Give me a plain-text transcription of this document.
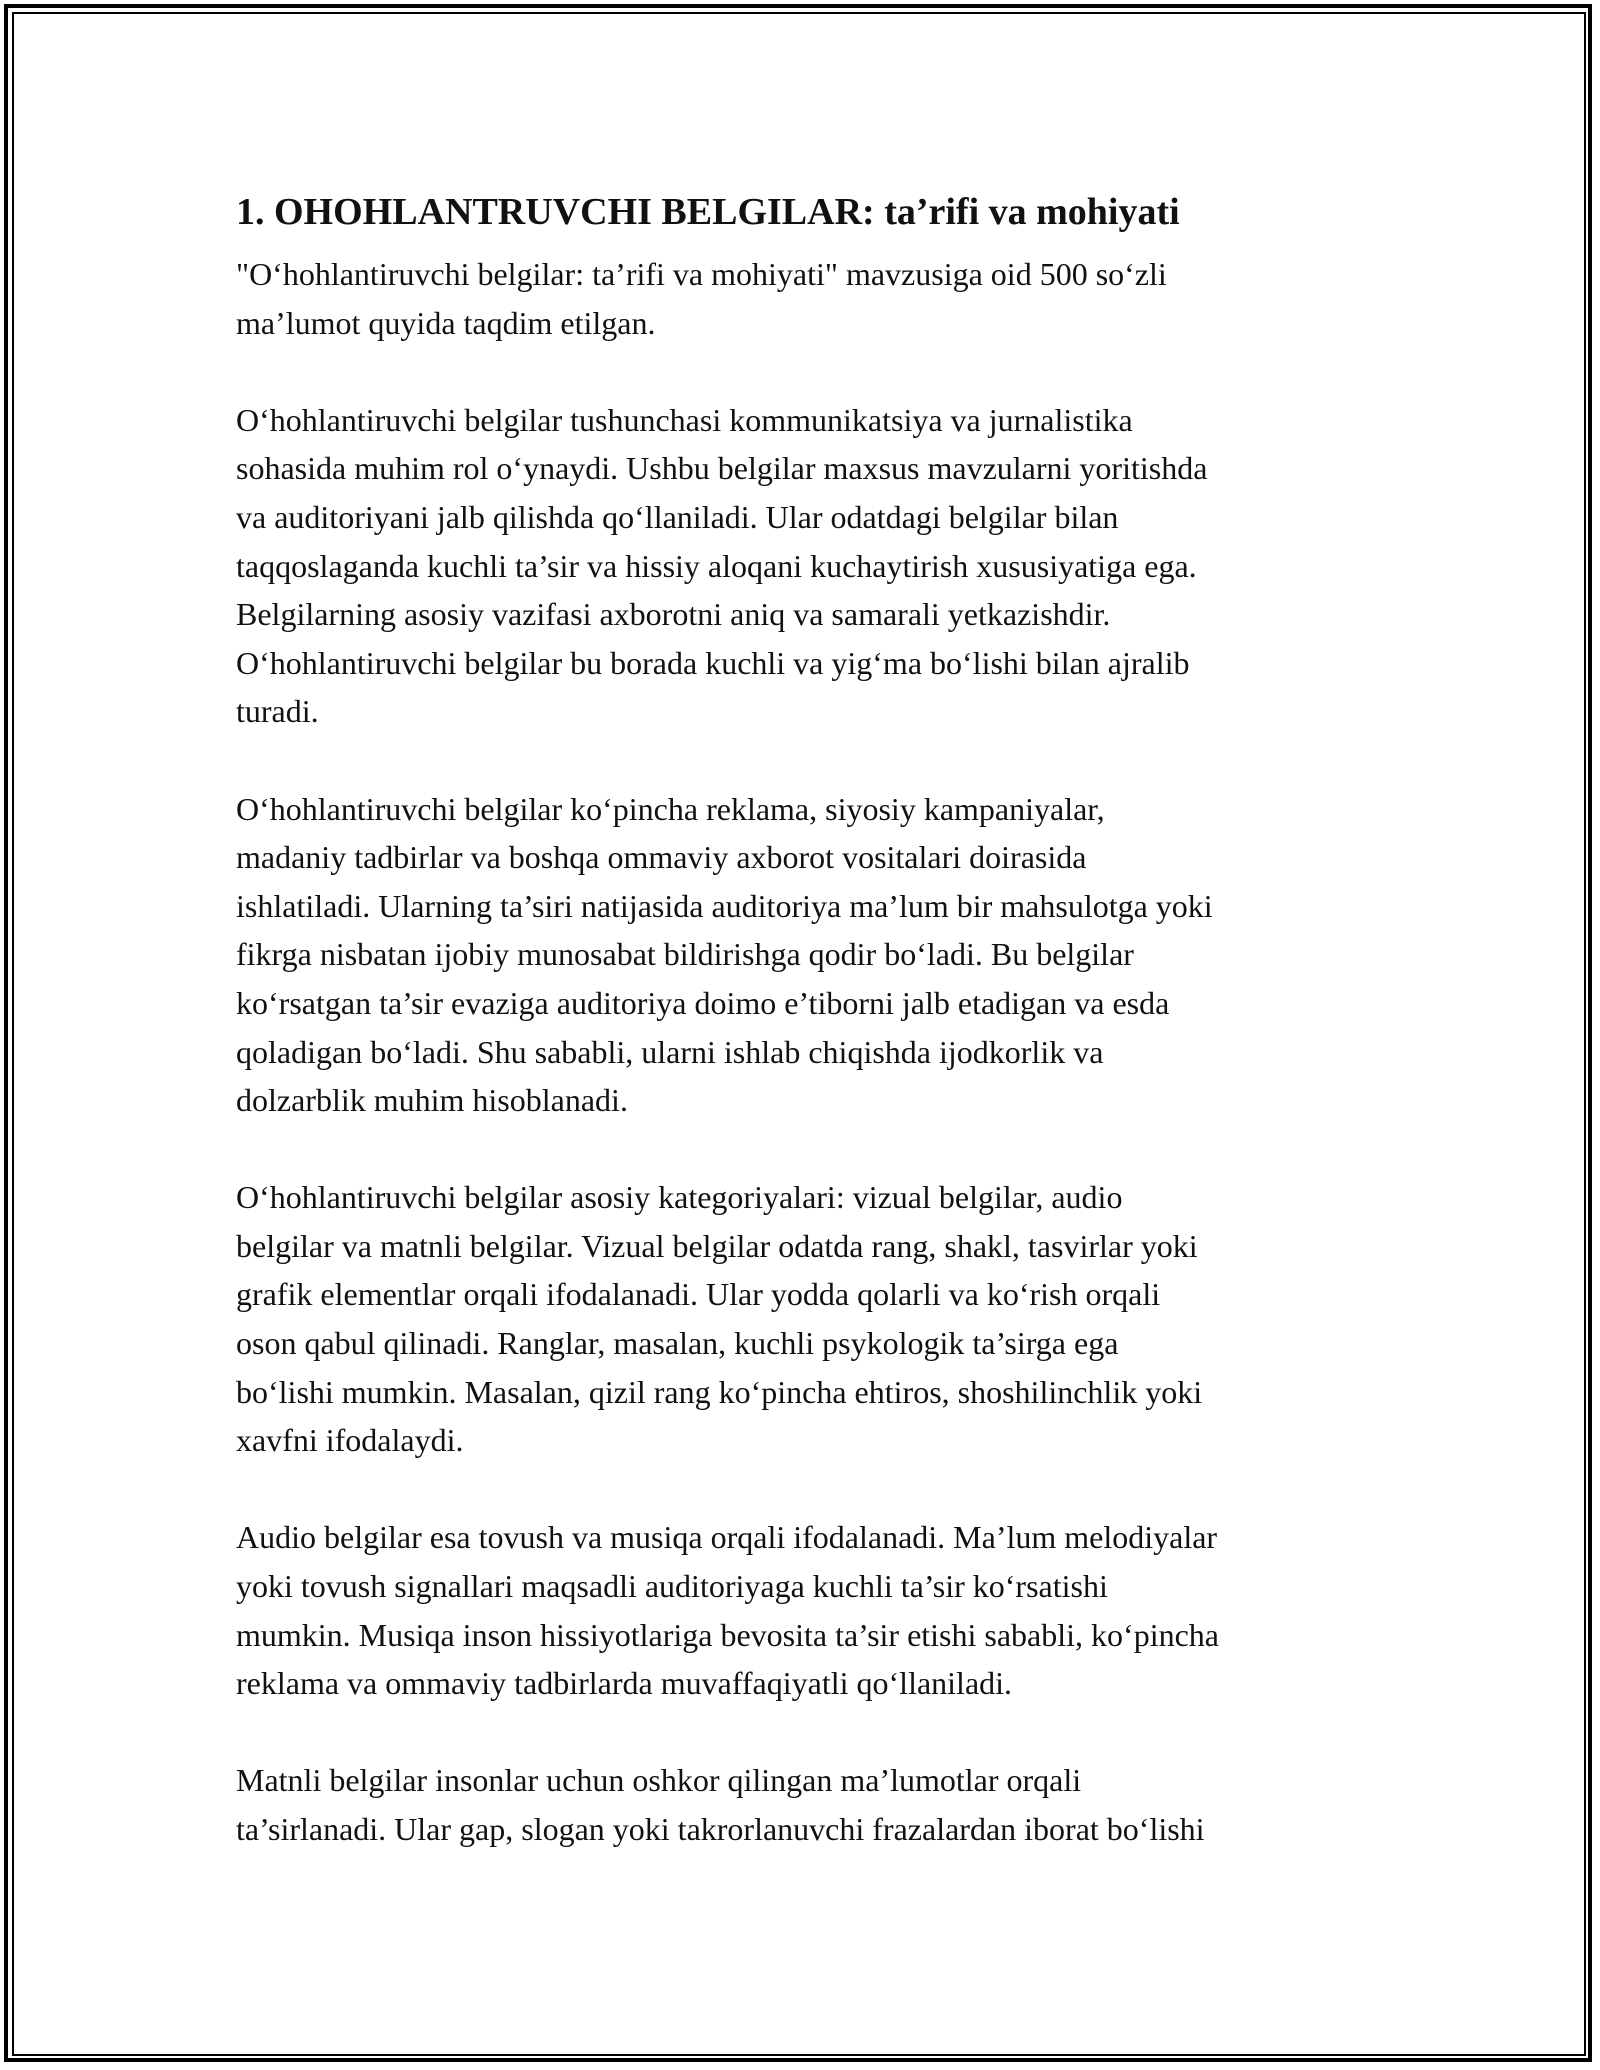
1. OHOHLANTRUVCHI BELGILAR: ta’rifi va mohiyati

"O‘hohlantiruvchi belgilar: ta’rifi va mohiyati" mavzusiga oid 500 so‘zli
ma’lumot quyida taqdim etilgan.

O‘hohlantiruvchi belgilar tushunchasi kommunikatsiya va jurnalistika
sohasida muhim rol o‘ynaydi. Ushbu belgilar maxsus mavzularni yoritishda
va auditoriyani jalb qilishda qo‘llaniladi. Ular odatdagi belgilar bilan
taqqoslaganda kuchli ta’sir va hissiy aloqani kuchaytirish xususiyatiga ega.
Belgilarning asosiy vazifasi axborotni aniq va samarali yetkazishdir.
O‘hohlantiruvchi belgilar bu borada kuchli va yig‘ma bo‘lishi bilan ajralib
turadi.

O‘hohlantiruvchi belgilar ko‘pincha reklama, siyosiy kampaniyalar,
madaniy tadbirlar va boshqa ommaviy axborot vositalari doirasida
ishlatiladi. Ularning ta’siri natijasida auditoriya ma’lum bir mahsulotga yoki
fikrga nisbatan ijobiy munosabat bildirishga qodir bo‘ladi. Bu belgilar
ko‘rsatgan ta’sir evaziga auditoriya doimo e’tiborni jalb etadigan va esda
qoladigan bo‘ladi. Shu sababli, ularni ishlab chiqishda ijodkorlik va
dolzarblik muhim hisoblanadi.

O‘hohlantiruvchi belgilar asosiy kategoriyalari: vizual belgilar, audio
belgilar va matnli belgilar. Vizual belgilar odatda rang, shakl, tasvirlar yoki
grafik elementlar orqali ifodalanadi. Ular yodda qolarli va ko‘rish orqali
oson qabul qilinadi. Ranglar, masalan, kuchli psykologik ta’sirga ega
bo‘lishi mumkin. Masalan, qizil rang ko‘pincha ehtiros, shoshilinchlik yoki
xavfni ifodalaydi.

Audio belgilar esa tovush va musiqa orqali ifodalanadi. Ma’lum melodiyalar
yoki tovush signallari maqsadli auditoriyaga kuchli ta’sir ko‘rsatishi
mumkin. Musiqa inson hissiyotlariga bevosita ta’sir etishi sababli, ko‘pincha
reklama va ommaviy tadbirlarda muvaffaqiyatli qo‘llaniladi.

Matnli belgilar insonlar uchun oshkor qilingan ma’lumotlar orqali
ta’sirlanadi. Ular gap, slogan yoki takrorlanuvchi frazalardan iborat bo‘lishi
